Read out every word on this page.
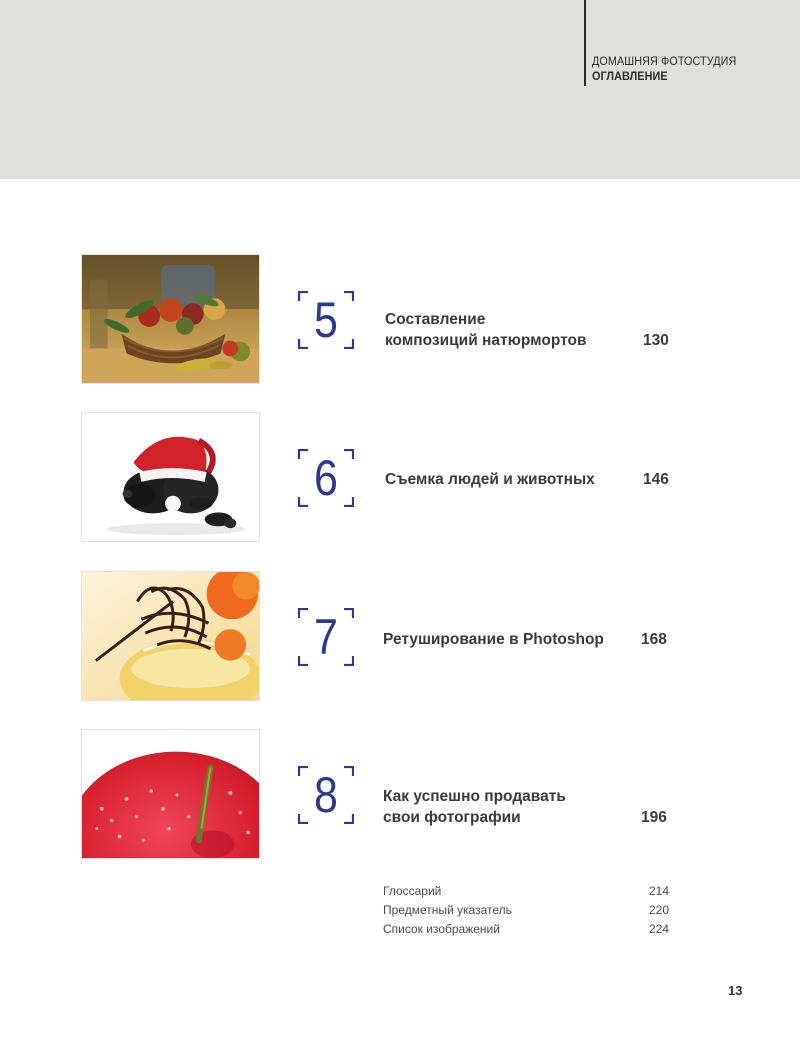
ДОМАШНЯЯ ФОТОСТУДИЯ
ОГЛАВЛЕНИЕ
5	Составление
композиций натюрмортов	130
6	Съемка людей и животных	146
7	Ретуширование в Photoshop 168
8	Как успешно продавать
свои фотографии	196
Глоссарий	214
Предметный указатель	220
Список изображений	224
13
